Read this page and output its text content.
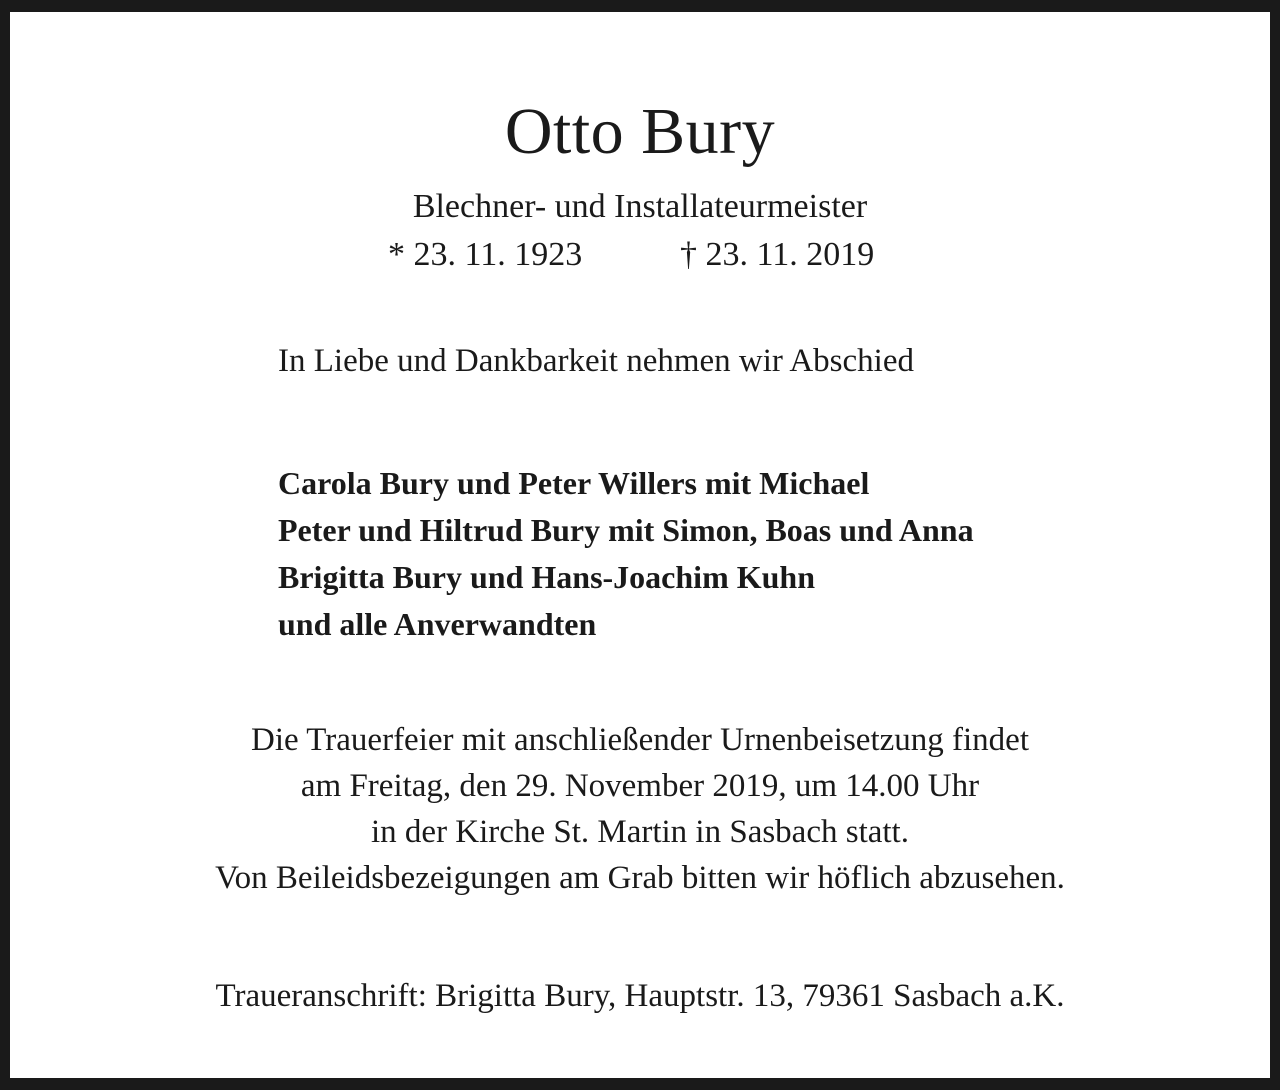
Otto Bury
Blechner- und Installateurmeister
* 23. 11. 1923	† 23. 11. 2019
In Liebe und Dankbarkeit nehmen wir Abschied
Carola Bury und Peter Willers mit Michael
Peter und Hiltrud Bury mit Simon, Boas und Anna
Brigitta Bury und Hans-Joachim Kuhn
und alle Anverwandten
Die Trauerfeier mit anschließender Urnenbeisetzung findet
am Freitag, den 29. November 2019, um 14.00 Uhr
in der Kirche St. Martin in Sasbach statt.
Von Beileidsbezeigungen am Grab bitten wir höflich abzusehen.
Traueranschrift: Brigitta Bury, Hauptstr. 13, 79361 Sasbach a.K.
